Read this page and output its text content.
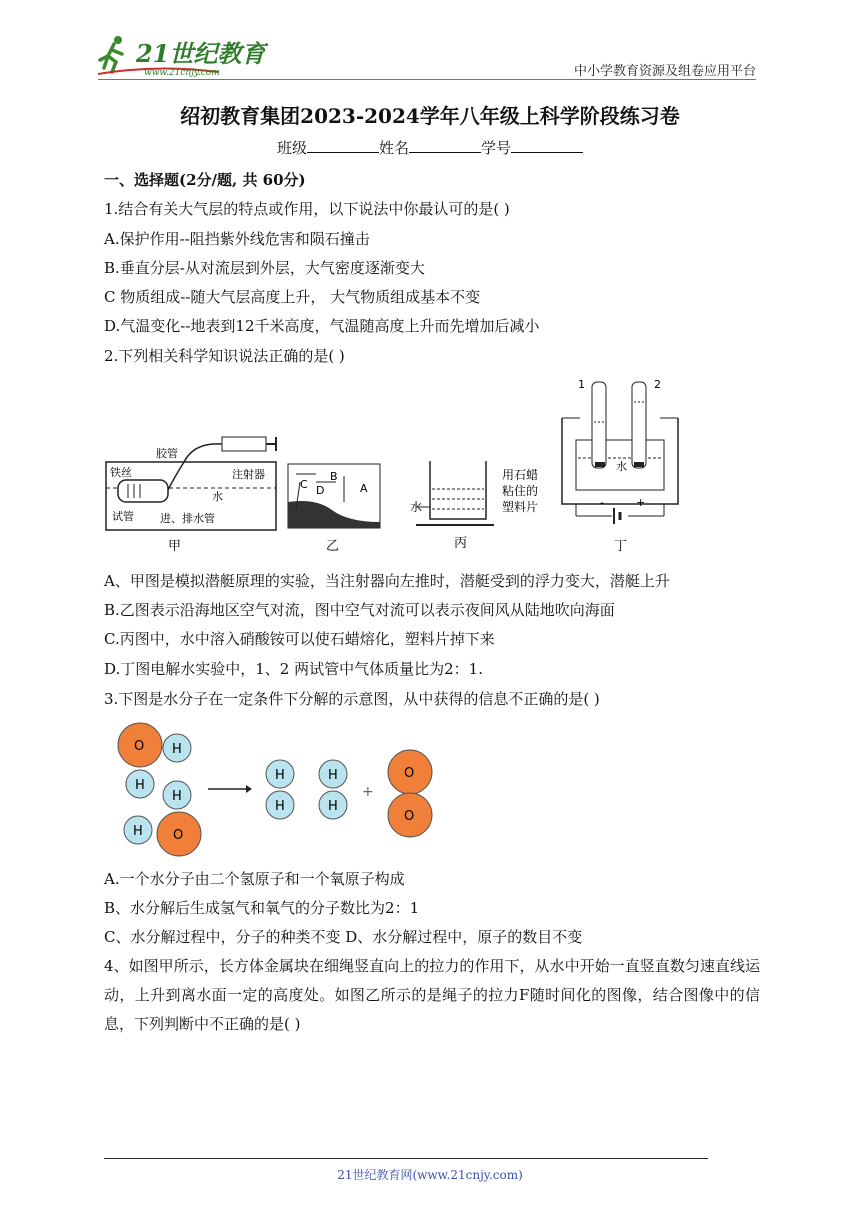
21世纪教育
www.21cnjy.com	中小学教育资源及组卷应用平台
绍初教育集团2023-2024学年八年级上科学阶段练习卷
班级	姓名	学号
一、选择题(2分/题, 共 60分)
1.结合有关大气层的特点或作用，以下说法中你最认可的是( )
A.保护作用--阻挡紫外线危害和陨石撞击
B.垂直分层-从对流层到外层，大气密度逐渐变大
C 物质组成--随大气层高度上升， 大气物质组成基本不变
D.气温变化--地表到12千米高度，气温随高度上升而先增加后减小
2.下列相关科学知识说法正确的是( )
胶管
注射器
铁丝
水
试管 进、排水管
甲
C
B
A
D
乙
水
用石蜡
粘住的
塑料片
丙
1	2
水
-	+
丁
A、甲图是模拟潜艇原理的实验，当注射器向左推时，潜艇受到的浮力变大，潜艇上升
B.乙图表示沿海地区空气对流，图中空气对流可以表示夜间风从陆地吹向海面
C.丙图中，水中溶入硝酸铵可以使石蜡熔化，塑料片掉下来
D.丁图电解水实验中，1、2 两试管中气体质量比为2：1.
3.下图是水分子在一定条件下分解的示意图，从中获得的信息不正确的是( )
O H
H
H
H O
H
H
H
H
+
O
O
A.一个水分子由二个氢原子和一个氧原子构成
B、水分解后生成氢气和氧气的分子数比为2：1
C、水分解过程中，分子的种类不变 D、水分解过程中，原子的数目不变
4、如图甲所示，长方体金属块在细绳竖直向上的拉力的作用下，从水中开始一直竖直数匀速直线运动，上升到离水面一定的高度处。如图乙所示的是绳子的拉力F随时间化的图像，结合图像中的信息，下列判断中不正确的是( )
21世纪教育网(www.21cnjy.com)
